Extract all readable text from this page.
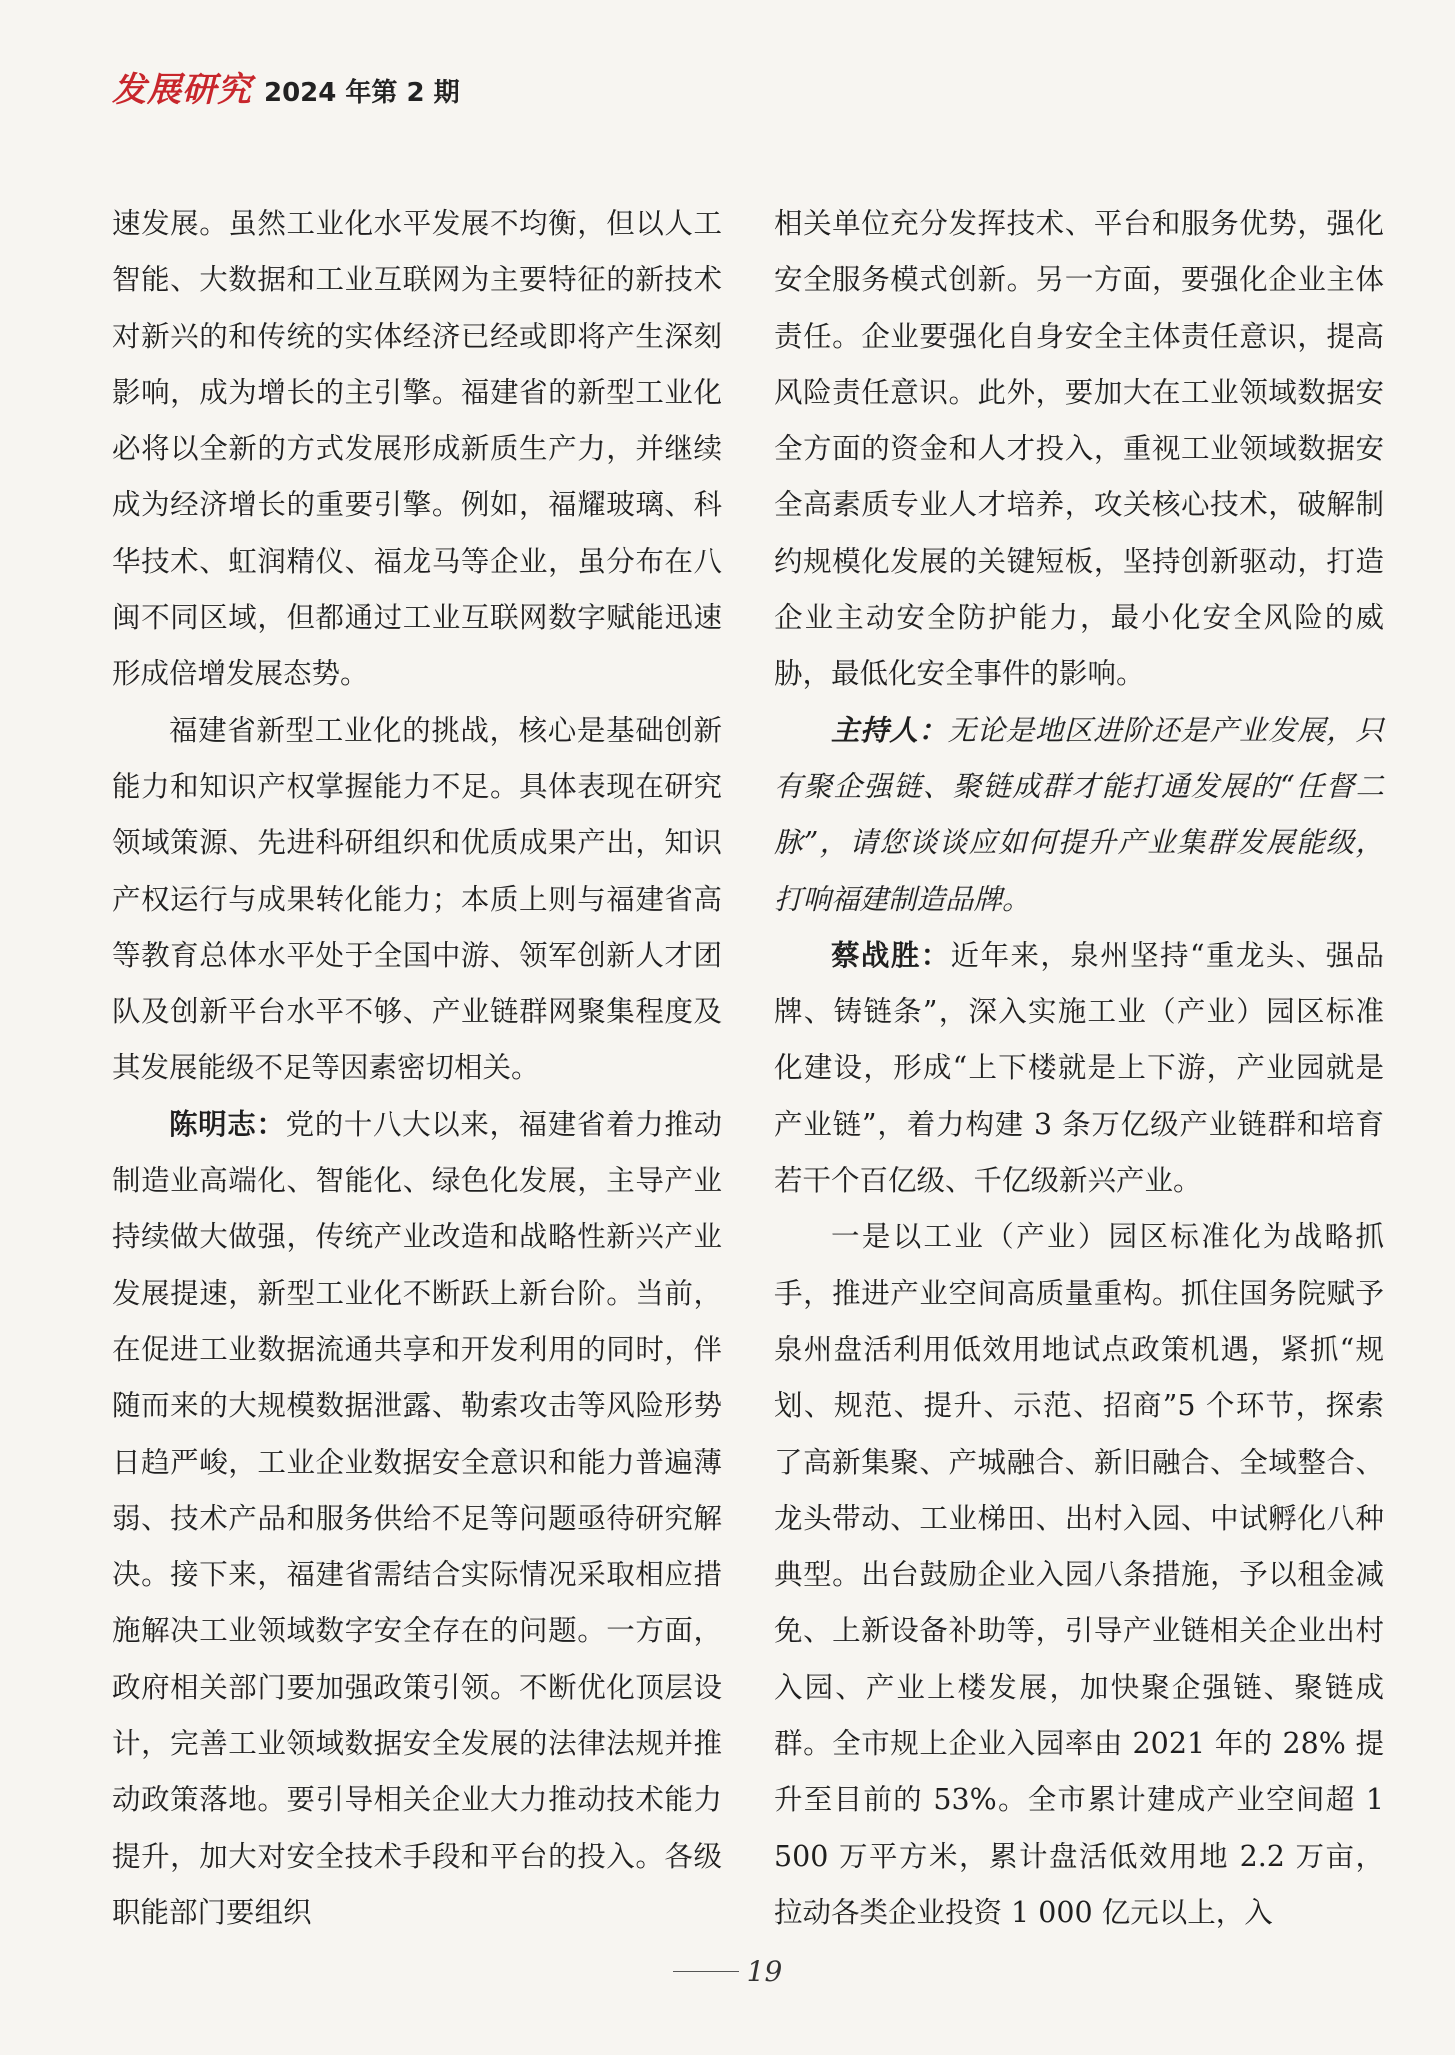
发展研究 2024 年第 2 期

速发展。虽然工业化水平发展不均衡，但以人工智能、大数据和工业互联网为主要特征的新技术对新兴的和传统的实体经济已经或即将产生深刻影响，成为增长的主引擎。福建省的新型工业化必将以全新的方式发展形成新质生产力，并继续成为经济增长的重要引擎。例如，福耀玻璃、科华技术、虹润精仪、福龙马等企业，虽分布在八闽不同区域，但都通过工业互联网数字赋能迅速形成倍增发展态势。

福建省新型工业化的挑战，核心是基础创新能力和知识产权掌握能力不足。具体表现在研究领域策源、先进科研组织和优质成果产出，知识产权运行与成果转化能力；本质上则与福建省高等教育总体水平处于全国中游、领军创新人才团队及创新平台水平不够、产业链群网聚集程度及其发展能级不足等因素密切相关。

陈明志：党的十八大以来，福建省着力推动制造业高端化、智能化、绿色化发展，主导产业持续做大做强，传统产业改造和战略性新兴产业发展提速，新型工业化不断跃上新台阶。当前，在促进工业数据流通共享和开发利用的同时，伴随而来的大规模数据泄露、勒索攻击等风险形势日趋严峻，工业企业数据安全意识和能力普遍薄弱、技术产品和服务供给不足等问题亟待研究解决。接下来，福建省需结合实际情况采取相应措施解决工业领域数字安全存在的问题。一方面，政府相关部门要加强政策引领。不断优化顶层设计，完善工业领域数据安全发展的法律法规并推动政策落地。要引导相关企业大力推动技术能力提升，加大对安全技术手段和平台的投入。各级职能部门要组织

相关单位充分发挥技术、平台和服务优势，强化安全服务模式创新。另一方面，要强化企业主体责任。企业要强化自身安全主体责任意识，提高风险责任意识。此外，要加大在工业领域数据安全方面的资金和人才投入，重视工业领域数据安全高素质专业人才培养，攻关核心技术，破解制约规模化发展的关键短板，坚持创新驱动，打造企业主动安全防护能力，最小化安全风险的威胁，最低化安全事件的影响。

主持人：无论是地区进阶还是产业发展，只有聚企强链、聚链成群才能打通发展的“任督二脉”，请您谈谈应如何提升产业集群发展能级，打响福建制造品牌。

蔡战胜：近年来，泉州坚持“重龙头、强品牌、铸链条”，深入实施工业（产业）园区标准化建设，形成“上下楼就是上下游，产业园就是产业链”，着力构建 3 条万亿级产业链群和培育若干个百亿级、千亿级新兴产业。

一是以工业（产业）园区标准化为战略抓手，推进产业空间高质量重构。抓住国务院赋予泉州盘活利用低效用地试点政策机遇，紧抓“规划、规范、提升、示范、招商”5 个环节，探索了高新集聚、产城融合、新旧融合、全域整合、龙头带动、工业梯田、出村入园、中试孵化八种典型。出台鼓励企业入园八条措施，予以租金减免、上新设备补助等，引导产业链相关企业出村入园、产业上楼发展，加快聚企强链、聚链成群。全市规上企业入园率由 2021 年的 28% 提升至目前的 53%。全市累计建成产业空间超 1 500 万平方米，累计盘活低效用地 2.2 万亩，拉动各类企业投资 1 000 亿元以上，入

19
